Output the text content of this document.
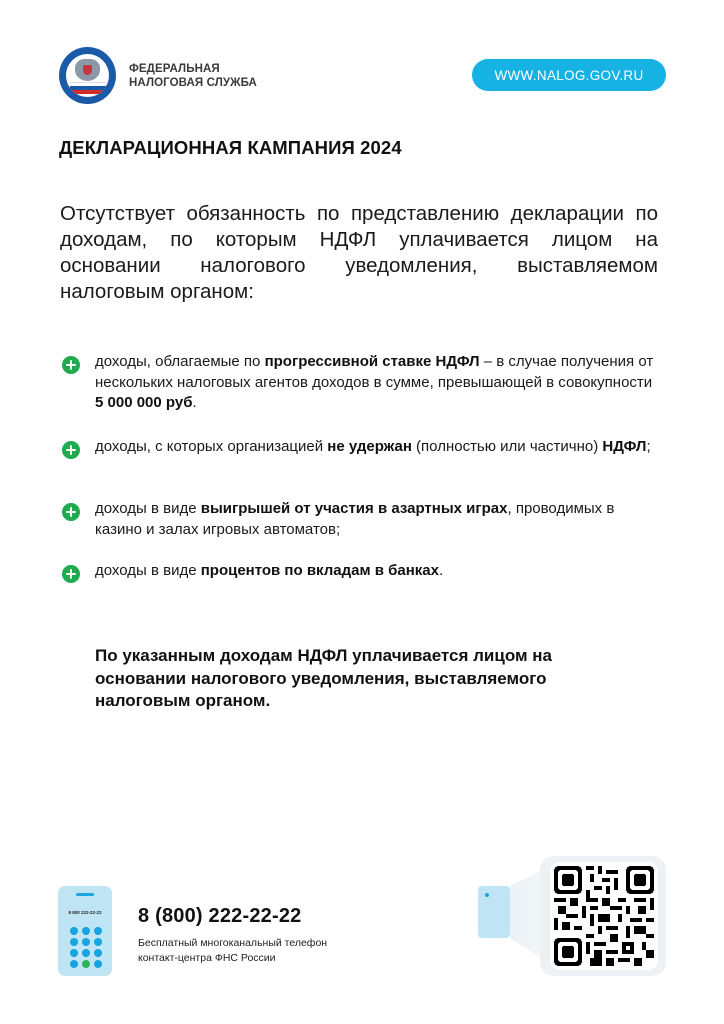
ФЕДЕРАЛЬНАЯ
НАЛОГОВАЯ СЛУЖБА
WWW.NALOG.GOV.RU
ДЕКЛАРАЦИОННАЯ КАМПАНИЯ 2024
Отсутствует обязанность по представлению декларации по доходам, по которым НДФЛ уплачивается лицом на основании налогового уведомления, выставляемом налоговым органом:
доходы, облагаемые по прогрессивной ставке НДФЛ – в случае получения от нескольких налоговых агентов доходов в сумме, превышающей в совокупности 5 000 000 руб.
доходы, с которых организацией не удержан (полностью или частично) НДФЛ;
доходы в виде выигрышей от участия в азартных играх, проводимых в казино и залах игровых автоматов;
доходы в виде процентов по вкладам в банках.
По указанным доходам НДФЛ уплачивается лицом на основании налогового уведомления, выставляемого налоговым органом.
8 800 222-22-22	8 (800) 222-22-22
Бесплатный многоканальный телефон
контакт-центра ФНС России
